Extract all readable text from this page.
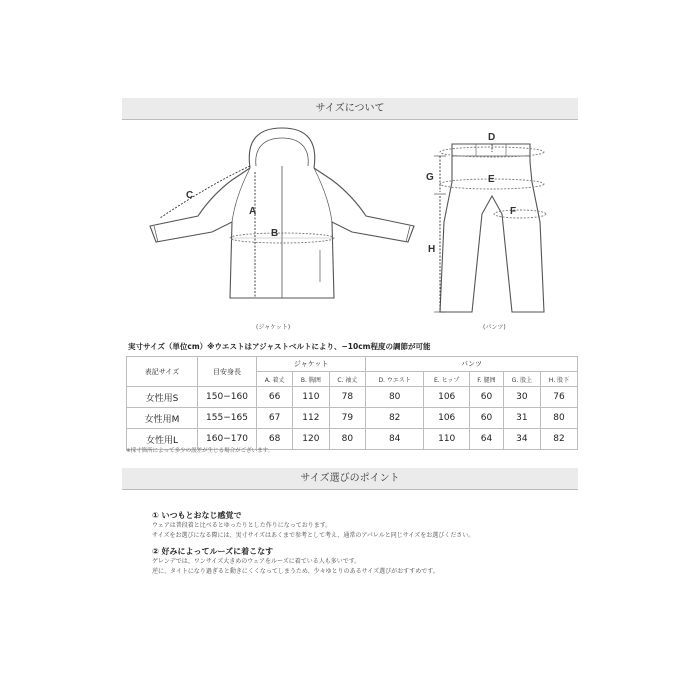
サイズについて
C
A
B
D
G	E
F
H
(ジャケット)	(パンツ)
実寸サイズ（単位cm）※ウエストはアジャストベルトにより、−10cm程度の調節が可能
表記サイズ	目安身長	ジャケット			パンツ				
		A. 着丈	B. 胸囲	C. 袖丈	D. ウエスト	E. ヒップ	F. 腿囲	G. 股上	H. 股下
女性用S	150−160	66	110	78	80	106	60	30	76
女性用M	155−165	67	112	79	82	106	60	31	80
女性用L	160−170	68	120	80	84	110	64	34	82
※採寸箇所によって多少の誤差が生じる場合がございます。
サイズ選びのポイント
① いつもとおなじ感覚で
ウェアは普段着と比べるとゆったりとした作りになっております。
サイズをお選びになる際には、実寸サイズはあくまで参考として考え、通常のアパレルと同じサイズをお選びください。
② 好みによってルーズに着こなす
ゲレンデでは、ワンサイズ大きめのウェアをルーズに着ている人も多いです。
逆に、タイトになり過ぎると動きにくくなってしまうため、少々ゆとりのあるサイズ選びがおすすめです。
